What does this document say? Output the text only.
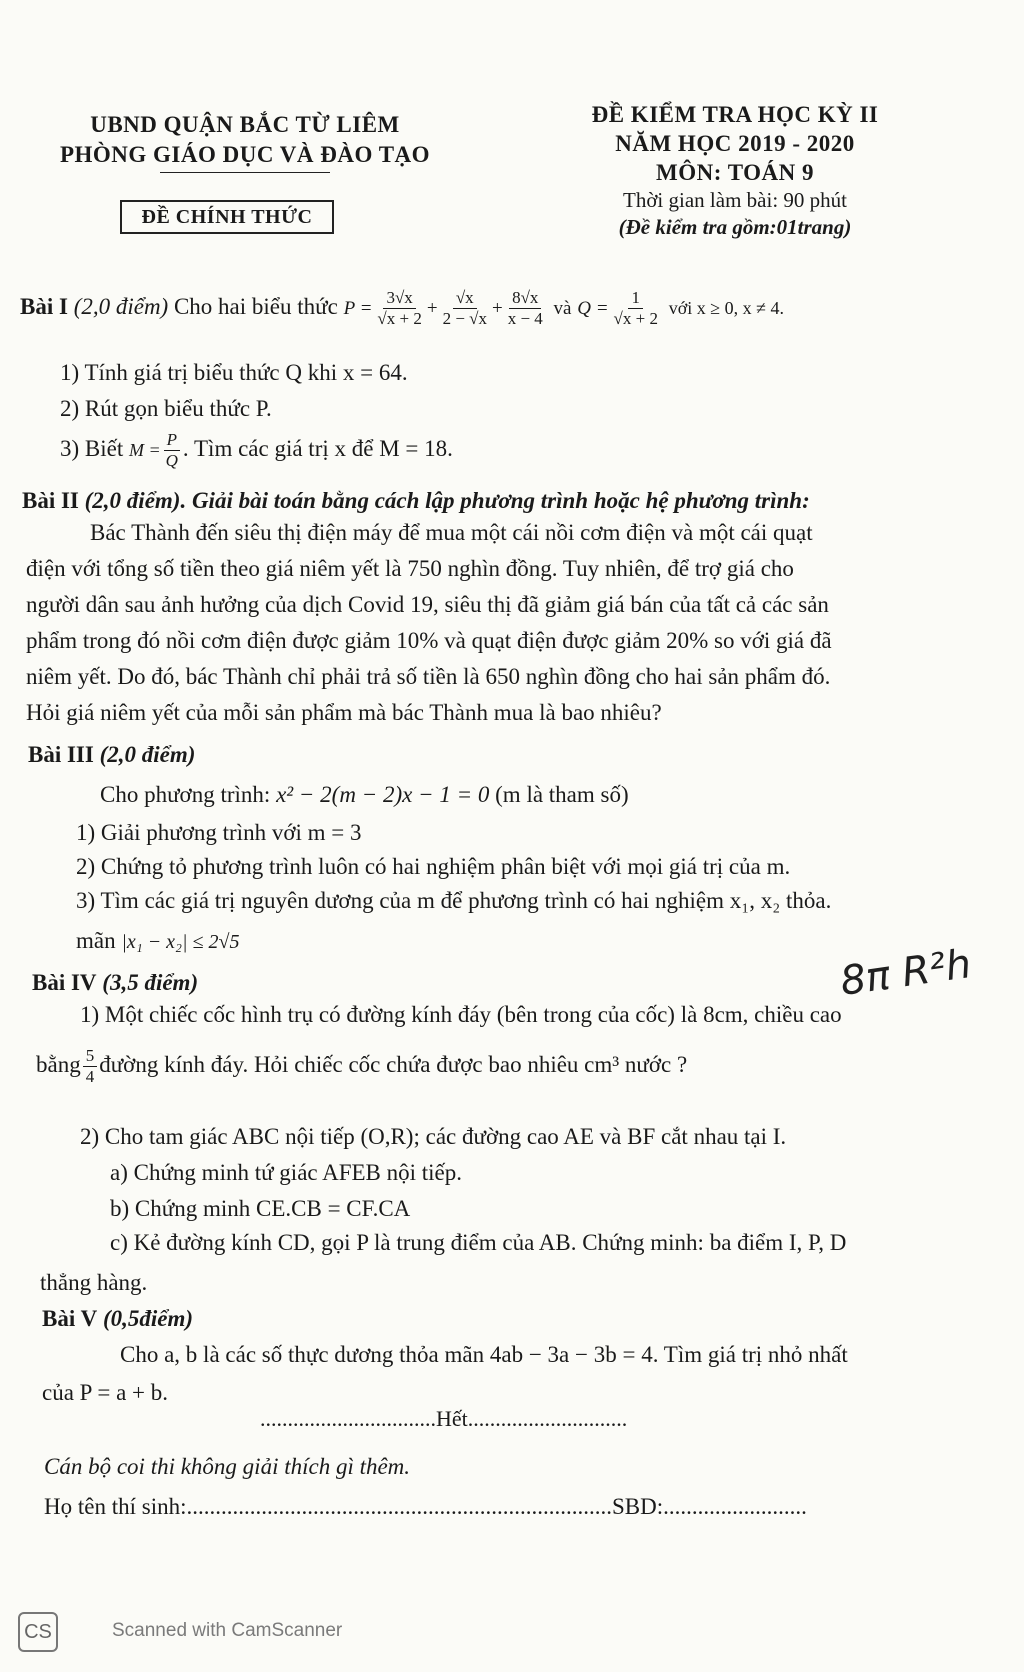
UBND QUẬN BẮC TỪ LIÊM
PHÒNG GIÁO DỤC VÀ ĐÀO TẠO
ĐỀ CHÍNH THỨC
ĐỀ KIỂM TRA HỌC KỲ II
NĂM HỌC 2019 - 2020
MÔN: TOÁN 9
Thời gian làm bài: 90 phút
(Đề kiểm tra gồm:01trang)
Bài I (2,0 điểm) Cho hai biểu thức $P = \frac{3√x}{√x + 2} + \frac{√x}{2 - √x} + \frac{8√x}{x - 4}$ và $Q = \frac{1}{√x + 2}$ với x ≥ 0, x ≠ 4.
1) Tính giá trị biểu thức Q khi x = 64.
2) Rút gọn biểu thức P.
3) Biết $M = \frac{P}{Q}$ . Tìm các giá trị x để M = 18.
Bài II (2,0 điểm). Giải bài toán bằng cách lập phương trình hoặc hệ phương trình:
Bác Thành đến siêu thị điện máy để mua một cái nồi cơm điện và một cái quạt
điện với tổng số tiền theo giá niêm yết là 750 nghìn đồng. Tuy nhiên, để trợ giá cho
người dân sau ảnh hưởng của dịch Covid 19, siêu thị đã giảm giá bán của tất cả các sản
phẩm trong đó nồi cơm điện được giảm 10% và quạt điện được giảm 20% so với giá đã
niêm yết. Do đó, bác Thành chỉ phải trả số tiền là 650 nghìn đồng cho hai sản phẩm đó.
Hỏi giá niêm yết của mỗi sản phẩm mà bác Thành mua là bao nhiêu?
Bài III (2,0 điểm)
Cho phương trình: x² − 2(m − 2)x − 1 = 0 (m là tham số)
1) Giải phương trình với m = 3
2) Chứng tỏ phương trình luôn có hai nghiệm phân biệt với mọi giá trị của m.
3) Tìm các giá trị nguyên dương của m để phương trình có hai nghiệm x₁, x₂ thỏa.
mãn |x₁ − x₂| ≤ 2√5
Bài IV (3,5 điểm)	8π R²h
1) Một chiếc cốc hình trụ có đường kính đáy (bên trong của cốc) là 8cm, chiều cao
bằng $\frac{5}{4}$ đường kính đáy. Hỏi chiếc cốc chứa được bao nhiêu cm³ nước ?
2) Cho tam giác ABC nội tiếp (O,R); các đường cao AE và BF cắt nhau tại I.
a) Chứng minh tứ giác AFEB nội tiếp.
b) Chứng minh CE.CB = CF.CA
c) Kẻ đường kính CD, gọi P là trung điểm của AB. Chứng minh: ba điểm I, P, D
thẳng hàng.
Bài V (0,5điểm)
Cho a, b là các số thực dương thỏa mãn 4ab − 3a − 3b = 4. Tìm giá trị nhỏ nhất
của P = a + b.
................................Hết.............................
Cán bộ coi thi không giải thích gì thêm.
Họ tên thí sinh:..........................................................................SBD:.........................
CS	Scanned with CamScanner
